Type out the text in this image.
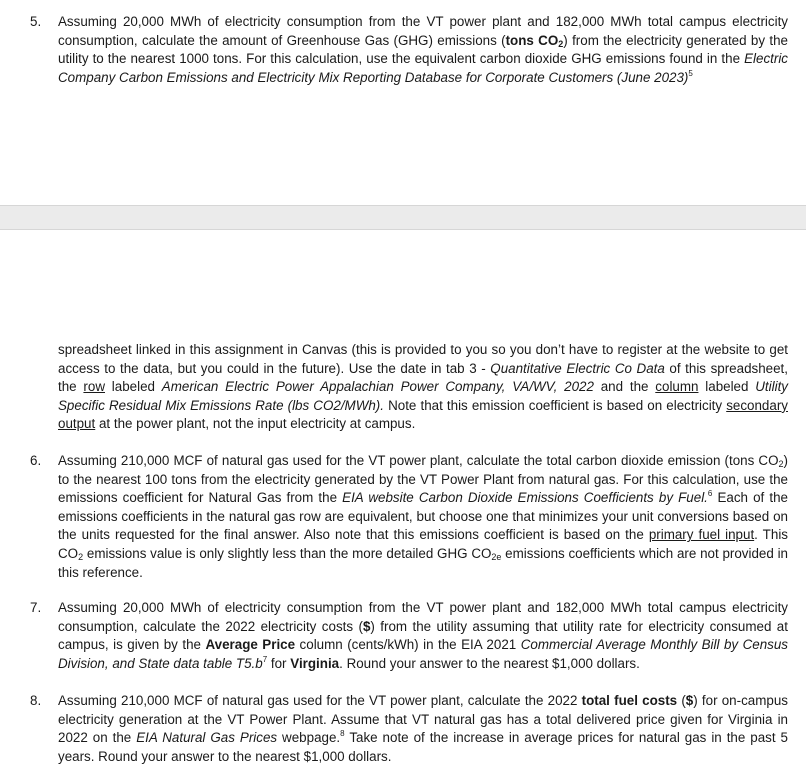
5.	Assuming 20,000 MWh of electricity consumption from the VT power plant and 182,000 MWh total campus electricity consumption, calculate the amount of Greenhouse Gas (GHG) emissions (tons $CO_2$) from the electricity generated by the utility to the nearest 1000 tons. For this calculation, use the equivalent carbon dioxide GHG emissions found in the Electric Company Carbon Emissions and Electricity Mix Reporting Database for Corporate Customers (June 2023)$^5$
spreadsheet linked in this assignment in Canvas (this is provided to you so you don’t have to register at the website to get access to the data, but you could in the future). Use the date in tab 3 - Quantitative Electric Co Data of this spreadsheet, the row labeled American Electric Power Appalachian Power Company, VA/WV, 2022 and the column labeled Utility Specific Residual Mix Emissions Rate (lbs CO2/MWh). Note that this emission coefficient is based on electricity secondary output at the power plant, not the input electricity at campus.
6.	Assuming 210,000 MCF of natural gas used for the VT power plant, calculate the total carbon dioxide emission (tons $CO_2$) to the nearest 100 tons from the electricity generated by the VT Power Plant from natural gas. For this calculation, use the emissions coefficient for Natural Gas from the EIA website Carbon Dioxide Emissions Coefficients by Fuel.$^6$ Each of the emissions coefficients in the natural gas row are equivalent, but choose one that minimizes your unit conversions based on the units requested for the final answer. Also note that this emissions coefficient is based on the primary fuel input. This $CO_2$ emissions value is only slightly less than the more detailed GHG $CO_{2e}$ emissions coefficients which are not provided in this reference.
7.	Assuming 20,000 MWh of electricity consumption from the VT power plant and 182,000 MWh total campus electricity consumption, calculate the 2022 electricity costs ($) from the utility assuming that utility rate for electricity consumed at campus, is given by the Average Price column (cents/kWh) in the EIA 2021 Commercial Average Monthly Bill by Census Division, and State data table $T5.b^7$ for Virginia. Round your answer to the nearest $1,000 dollars.
8.	Assuming 210,000 MCF of natural gas used for the VT power plant, calculate the 2022 total fuel costs ($) for on-campus electricity generation at the VT Power Plant. Assume that VT natural gas has a total delivered price given for Virginia in 2022 on the EIA Natural Gas Prices webpage.$^8$ Take note of the increase in average prices for natural gas in the past 5 years. Round your answer to the nearest $1,000 dollars.
